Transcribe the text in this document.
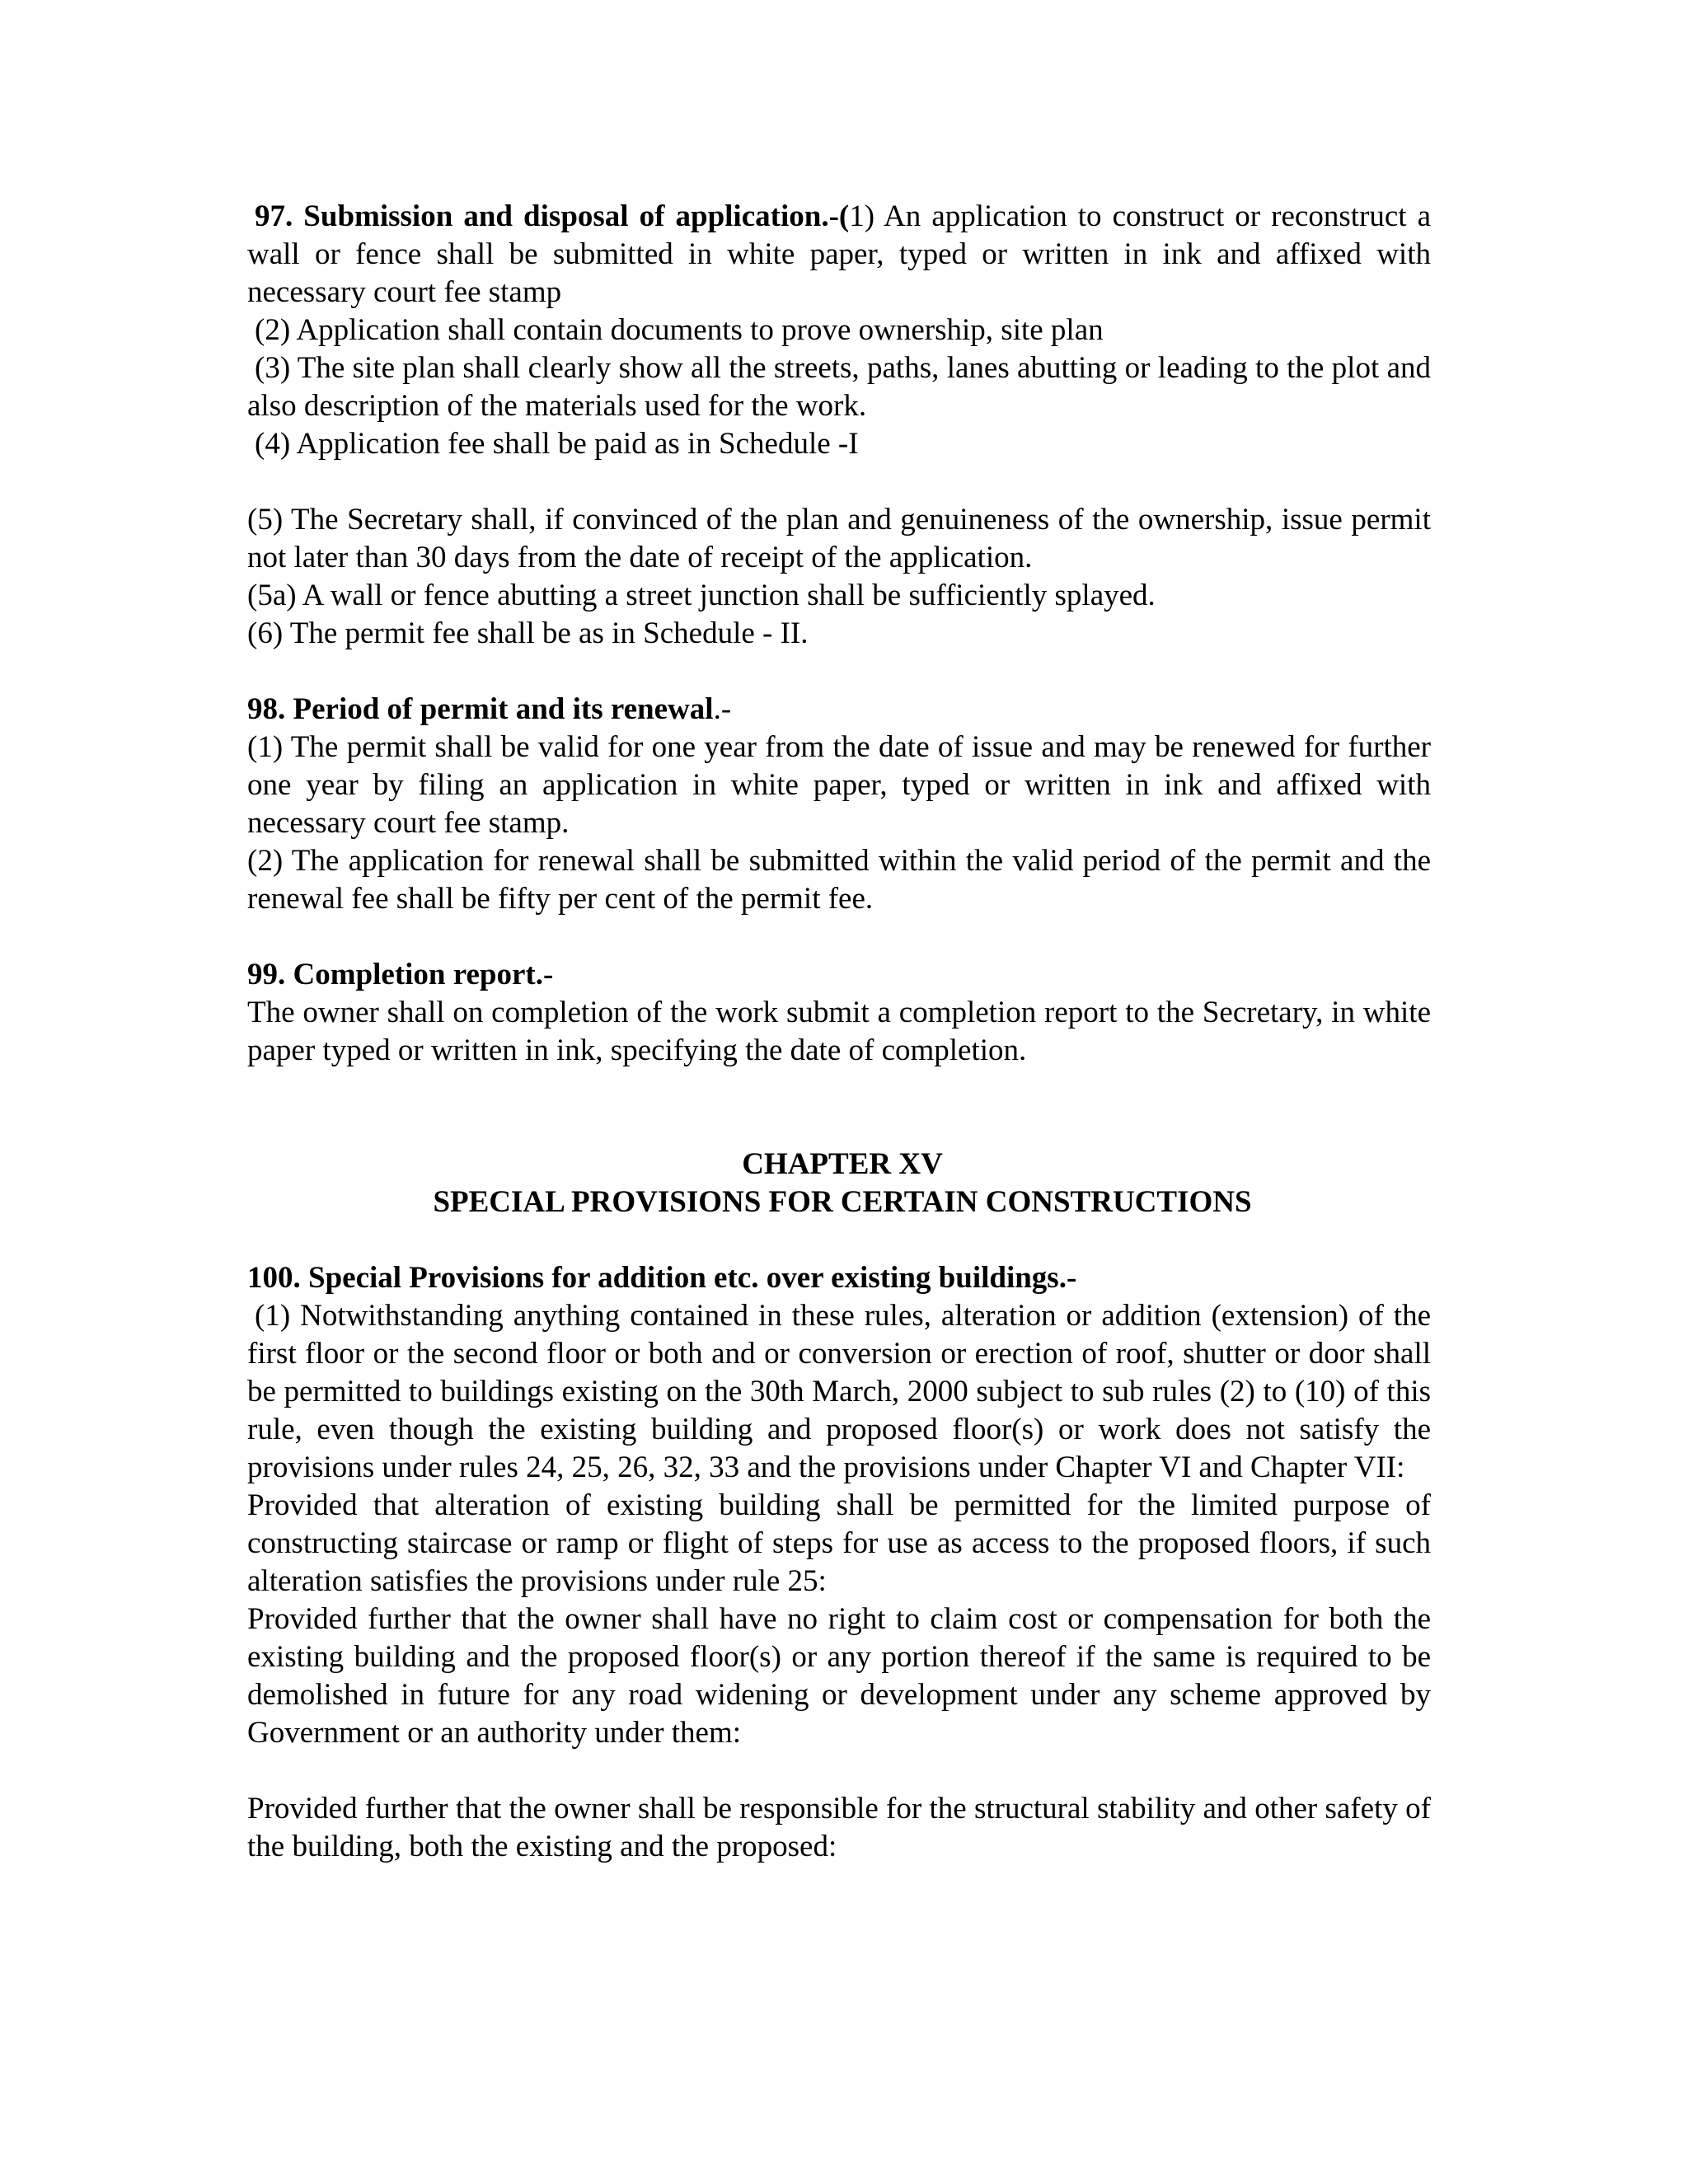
97. Submission and disposal of application.-(1) An application to construct or reconstruct a wall or fence shall be submitted in white paper, typed or written in ink and affixed with necessary court fee stamp

(2) Application shall contain documents to prove ownership, site plan

(3) The site plan shall clearly show all the streets, paths, lanes abutting or leading to the plot and also description of the materials used for the work.

(4) Application fee shall be paid as in Schedule -I

(5) The Secretary shall, if convinced of the plan and genuineness of the ownership, issue permit not later than 30 days from the date of receipt of the application.

(5a) A wall or fence abutting a street junction shall be sufficiently splayed.

(6) The permit fee shall be as in Schedule - II.

98. Period of permit and its renewal.-

(1) The permit shall be valid for one year from the date of issue and may be renewed for further one year by filing an application in white paper, typed or written in ink and affixed with necessary court fee stamp.

(2) The application for renewal shall be submitted within the valid period of the permit and the renewal fee shall be fifty per cent of the permit fee.

99. Completion report.-

The owner shall on completion of the work submit a completion report to the Secretary, in white paper typed or written in ink, specifying the date of completion.

CHAPTER XV

SPECIAL PROVISIONS FOR CERTAIN CONSTRUCTIONS

100. Special Provisions for addition etc. over existing buildings.-

(1) Notwithstanding anything contained in these rules, alteration or addition (extension) of the first floor or the second floor or both and or conversion or erection of roof, shutter or door shall be permitted to buildings existing on the 30th March, 2000 subject to sub rules (2) to (10) of this rule, even though the existing building and proposed floor(s) or work does not satisfy the provisions under rules 24, 25, 26, 32, 33 and the provisions under Chapter VI and Chapter VII:

Provided that alteration of existing building shall be permitted for the limited purpose of constructing staircase or ramp or flight of steps for use as access to the proposed floors, if such alteration satisfies the provisions under rule 25:

Provided further that the owner shall have no right to claim cost or compensation for both the existing building and the proposed floor(s) or any portion thereof if the same is required to be demolished in future for any road widening or development under any scheme approved by Government or an authority under them:

Provided further that the owner shall be responsible for the structural stability and other safety of the building, both the existing and the proposed:
